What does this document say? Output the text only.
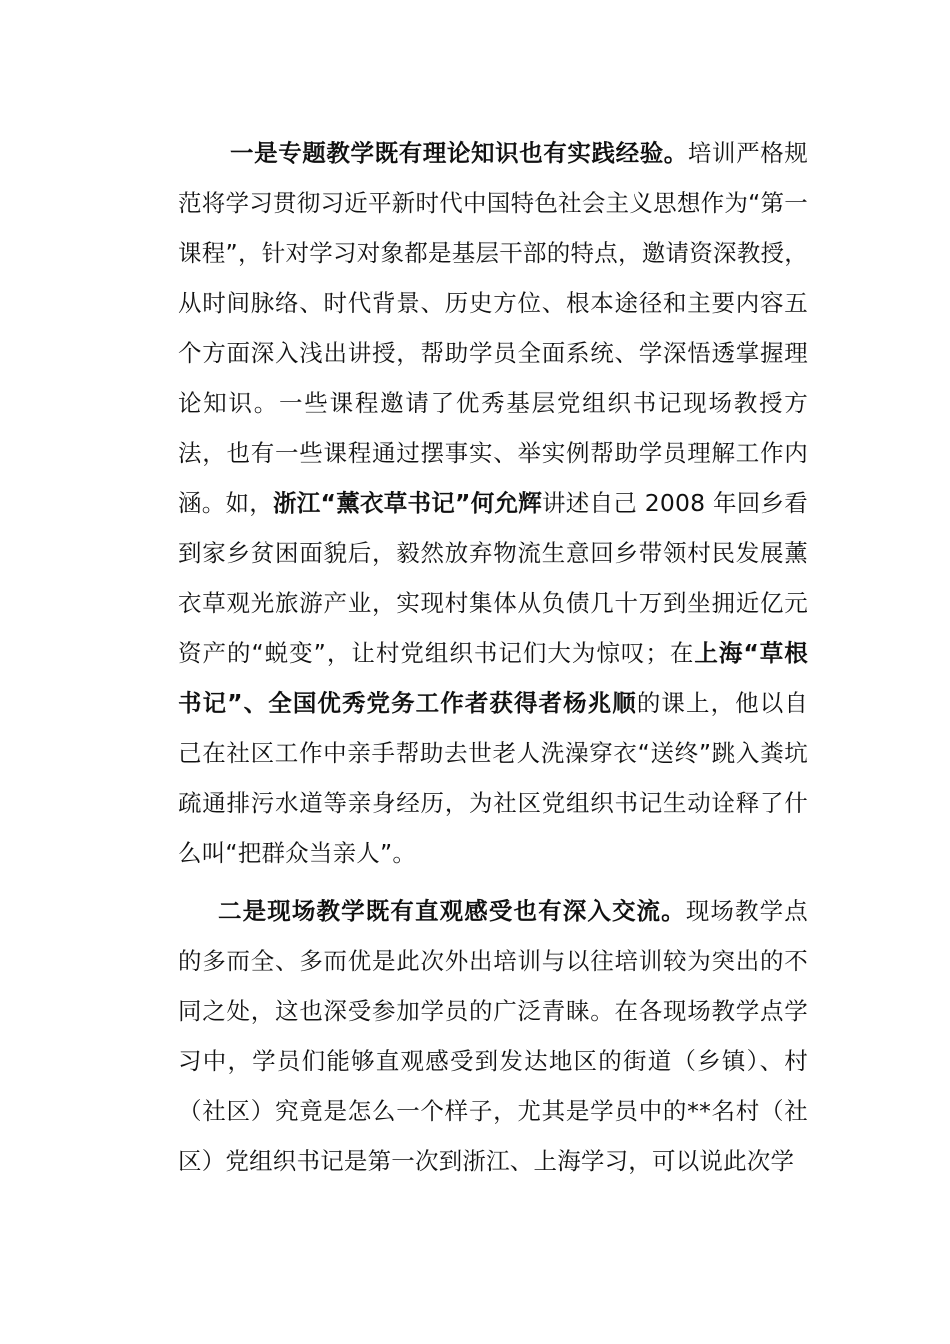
一是专题教学既有理论知识也有实践经验。培训严格规范将学习贯彻习近平新时代中国特色社会主义思想作为“第一课程”，针对学习对象都是基层干部的特点，邀请资深教授，从时间脉络、时代背景、历史方位、根本途径和主要内容五个方面深入浅出讲授，帮助学员全面系统、学深悟透掌握理论知识。一些课程邀请了优秀基层党组织书记现场教授方法，也有一些课程通过摆事实、举实例帮助学员理解工作内涵。如，浙江“薰衣草书记”何允辉讲述自己 2008 年回乡看到家乡贫困面貌后，毅然放弃物流生意回乡带领村民发展薰衣草观光旅游产业，实现村集体从负债几十万到坐拥近亿元资产的“蜕变”，让村党组织书记们大为惊叹；在上海“草根书记”、全国优秀党务工作者获得者杨兆顺的课上，他以自己在社区工作中亲手帮助去世老人洗澡穿衣“送终”跳入粪坑疏通排污水道等亲身经历，为社区党组织书记生动诠释了什么叫“把群众当亲人”。

二是现场教学既有直观感受也有深入交流。现场教学点的多而全、多而优是此次外出培训与以往培训较为突出的不同之处，这也深受参加学员的广泛青睐。在各现场教学点学习中，学员们能够直观感受到发达地区的街道（乡镇）、村（社区）究竟是怎么一个样子，尤其是学员中的**名村（社区）党组织书记是第一次到浙江、上海学习，可以说此次学
